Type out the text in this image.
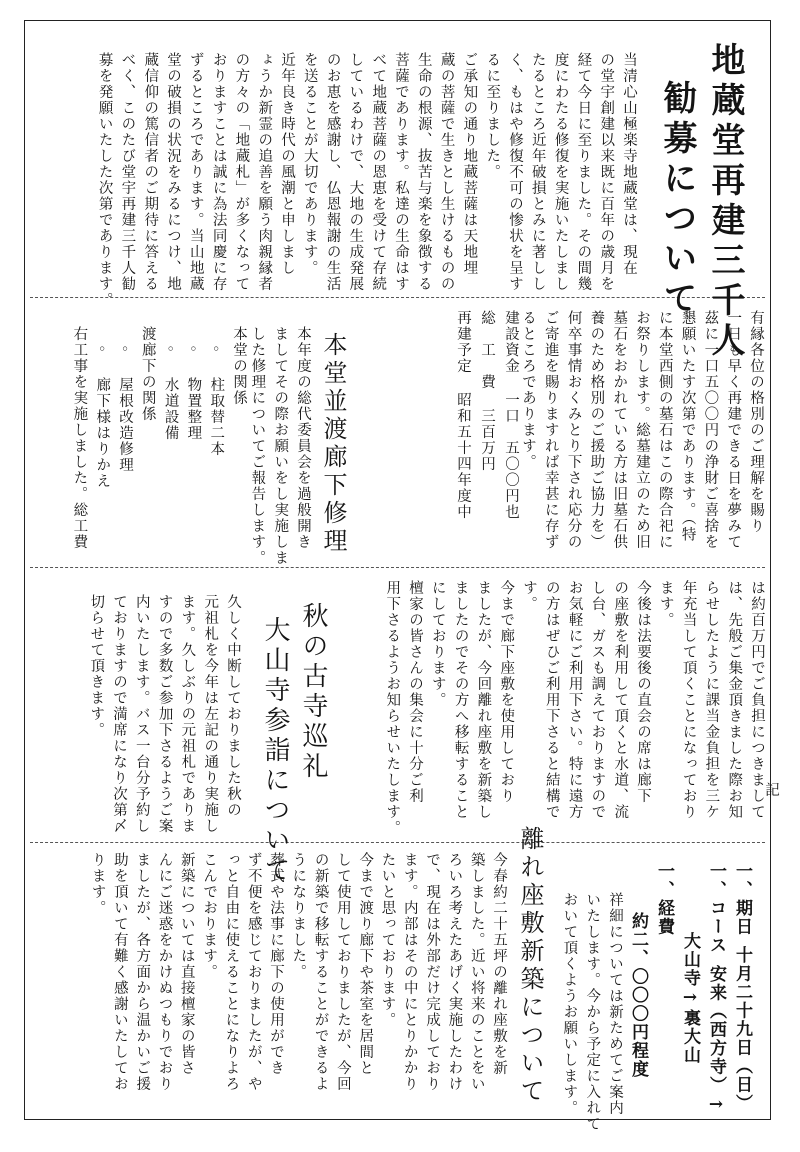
地蔵堂再建三千人
勧募について
当清心山極楽寺地蔵堂は、現在
の堂宇創建以来既に百年の歳月を
経て今日に至りました。その間幾
度にわたる修復を実施いたしまし
たるところ近年破損とみに著しし
く、もはや修復不可の惨状を呈す
るに至りました。
ご承知の通り地蔵菩薩は天地埋
蔵の菩薩で生きとし生けるものの
生命の根源、抜苦与楽を象徴する
菩薩であります。私達の生命はす
べて地蔵菩薩の恩恵を受けて存続
しているわけで、大地の生成発展
のお恵を感謝し、仏恩報謝の生活
を送ることが大切であります。
近年良き時代の風潮と申しまし
ょうか新霊の追善を願う肉親縁者
の方々の「地蔵札」が多くなって
おりますことは誠に為法同慶に存
ずるところであります。当山地蔵
堂の破損の状況をみるにつけ、地
蔵信仰の篤信者のご期待に答える
べく、このたび堂宇再建三千人勧
募を発願いたした次第であります。
有縁各位の格別のご理解を賜り
一日も早く再建できる日を夢みて
茲に一口五〇〇円の浄財ご喜捨を
懇願いたす次第であります。（特
に本堂西側の墓石はこの際合祀に
お祭りします。総墓建立のため旧
墓石をおかれている方は旧墓石供
養のため格別のご援助ご協力を）
何卒事情おくみとり下され応分の
ご寄進を賜りますれば幸甚に存ず
るところであります。
建設資金一口　五〇〇円也
総　工　費三百万円
再建予定昭和五十四年度中
本堂並渡廊下修理
本年度の総代委員会を過般開き
ましてその際お願いをし実施しま
した修理についてご報告します。
本堂の関係
　◦ 柱取替二本
　◦ 物置整理
　◦ 水道設備
渡廊下の関係
　◦ 屋根改造修理
　◦ 廊下様はりかえ
右工事を実施しました。総工費
は約百万円でご負担につきまして
は、先般ご集金頂きました際お知
らせしたように課当金負担を三ケ
年充当して頂くことになっており
ます。
今後は法要後の直会の席は廊下
の座敷を利用して頂くと水道、流
し台、ガスも調えておりますので
お気軽にご利用下さい。特に遠方
の方はぜひご利用下さると結構で
す。
今まで廊下座敷を使用しており
ましたが、今回離れ座敷を新築し
ましたのでその方へ移転すること
にしております。
檀家の皆さんの集会に十分ご利
用下さるようお知らせいたします。
秋の古寺巡礼
大山寺参詣について
久しく中断しておりました秋の
元祖札を今年は左記の通り実施し
ます。久しぶりの元祖札でありま
すので多数ご参加下さるようご案
内いたします。バス一台分予約し
ておりますので満席になり次第〆
切らせて頂きます。
記
一、期日十月二十九日（日）
一、コース安来（西方寺）→
大山寺→裏大山
一、経費
約二、〇〇〇円程度
祥細については新ためてご案内
いたします。今から予定に入れて
おいて頂くようお願いします。
離れ座敷新築について
今春約二十五坪の離れ座敷を新
築しました。近い将来のことをい
ろいろ考えたあげく実施したわけ
で、現在は外部だけ完成しており
ます。内部はその中にとりかかり
たいと思っております。
今まで渡り廊下や茶室を居間と
して使用しておりましたが、今回
の新築で移転することができるよ
うになりました。
葬式や法事に廊下の使用ができ
ず不便を感じておりましたが、や
っと自由に使えることになりよろ
こんでおります。
新築については直接檀家の皆さ
んにご迷惑をかけぬつもりでおり
ましたが、各方面から温かいご援
助を頂いて有難く感謝いたしてお
ります。
